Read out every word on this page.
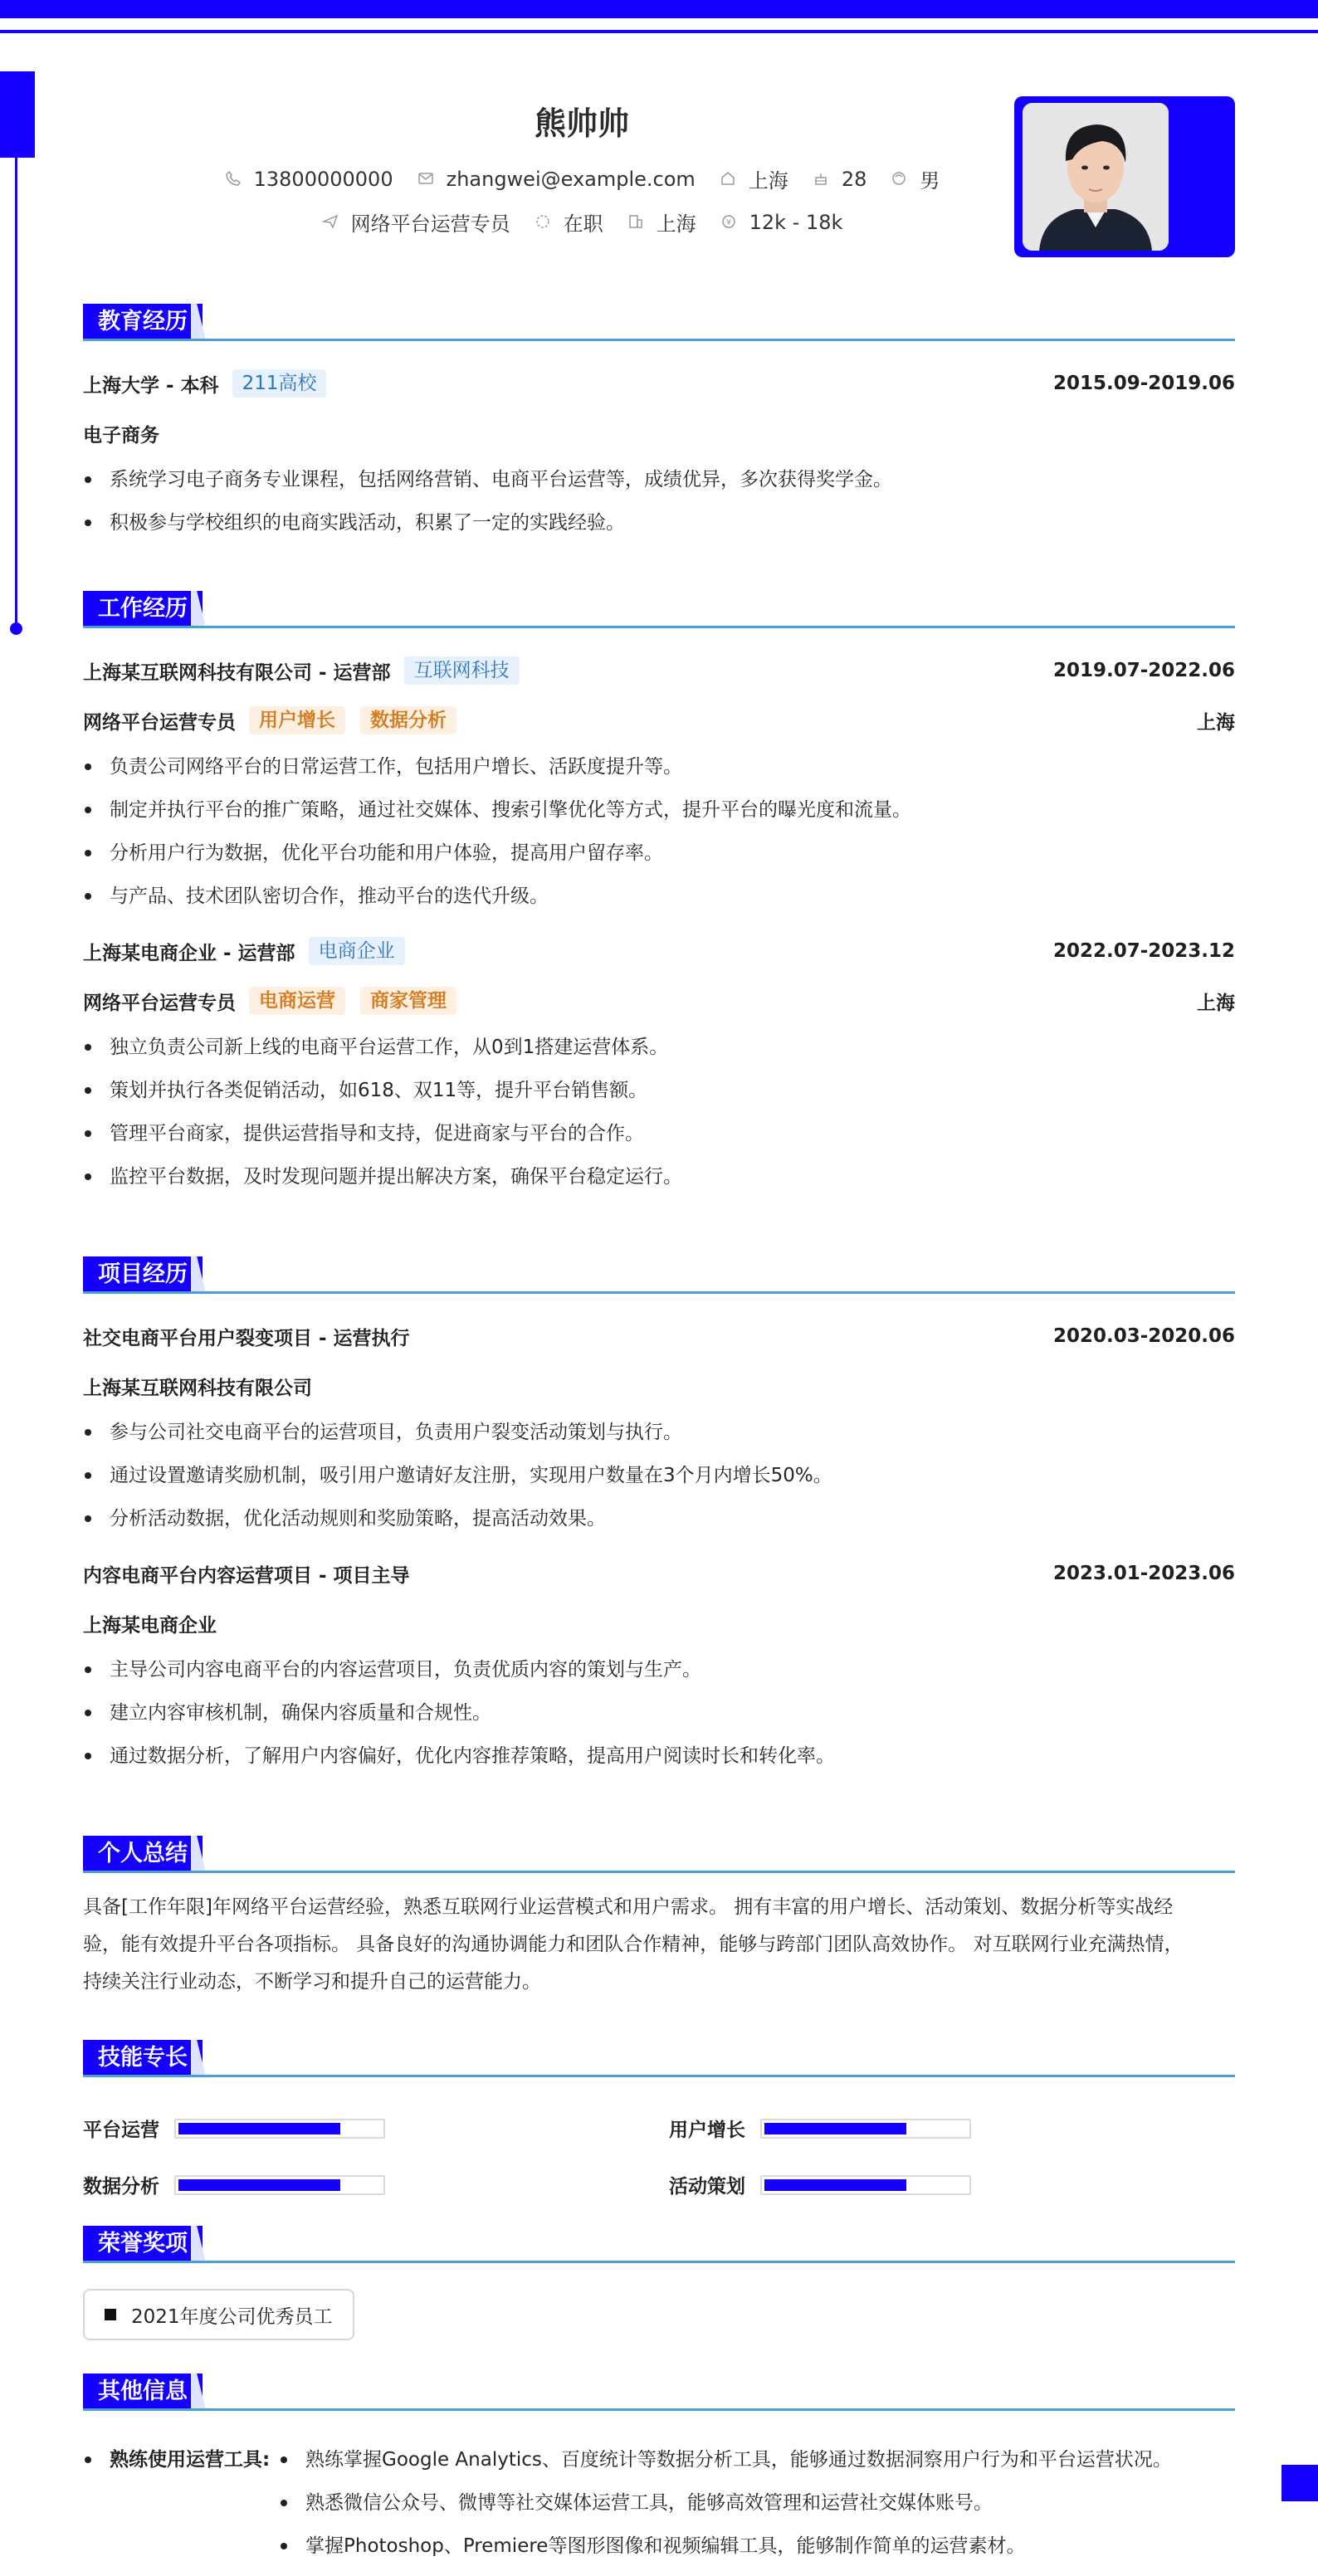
熊帅帅
13800000000	zhangwei@example.com	上海	28	男
网络平台运营专员	在职	上海	¥ 12k - 18k
教育经历
上海大学 - 本科	211高校	2015.09-2019.06
电子商务
系统学习电子商务专业课程，包括网络营销、电商平台运营等，成绩优异，多次获得奖学金。
积极参与学校组织的电商实践活动，积累了一定的实践经验。
工作经历
上海某互联网科技有限公司 - 运营部	互联网科技	2019.07-2022.06
网络平台运营专员	用户增长	数据分析	上海
负责公司网络平台的日常运营工作，包括用户增长、活跃度提升等。
制定并执行平台的推广策略，通过社交媒体、搜索引擎优化等方式，提升平台的曝光度和流量。
分析用户行为数据，优化平台功能和用户体验，提高用户留存率。
与产品、技术团队密切合作，推动平台的迭代升级。
上海某电商企业 - 运营部	电商企业	2022.07-2023.12
网络平台运营专员	电商运营	商家管理	上海
独立负责公司新上线的电商平台运营工作，从0到1搭建运营体系。
策划并执行各类促销活动，如618、双11等，提升平台销售额。
管理平台商家，提供运营指导和支持，促进商家与平台的合作。
监控平台数据，及时发现问题并提出解决方案，确保平台稳定运行。
项目经历
社交电商平台用户裂变项目 - 运营执行	2020.03-2020.06
上海某互联网科技有限公司
参与公司社交电商平台的运营项目，负责用户裂变活动策划与执行。
通过设置邀请奖励机制，吸引用户邀请好友注册，实现用户数量在3个月内增长50%。
分析活动数据，优化活动规则和奖励策略，提高活动效果。
内容电商平台内容运营项目 - 项目主导	2023.01-2023.06
上海某电商企业
主导公司内容电商平台的内容运营项目，负责优质内容的策划与生产。
建立内容审核机制，确保内容质量和合规性。
通过数据分析，了解用户内容偏好，优化内容推荐策略，提高用户阅读时长和转化率。
个人总结
具备[工作年限]年网络平台运营经验，熟悉互联网行业运营模式和用户需求。 拥有丰富的用户增长、活动策划、数据分析等实战经
验，能有效提升平台各项指标。 具备良好的沟通协调能力和团队合作精神，能够与跨部门团队高效协作。 对互联网行业充满热情，
持续关注行业动态，不断学习和提升自己的运营能力。
技能专长
平台运营	用户增长
数据分析	活动策划
荣誉奖项
2021年度公司优秀员工
其他信息
熟练使用运营工具:	熟练掌握Google Analytics、百度统计等数据分析工具，能够通过数据洞察用户行为和平台运营状况。
熟悉微信公众号、微博等社交媒体运营工具，能够高效管理和运营社交媒体账号。
掌握Photoshop、Premiere等图形图像和视频编辑工具，能够制作简单的运营素材。
